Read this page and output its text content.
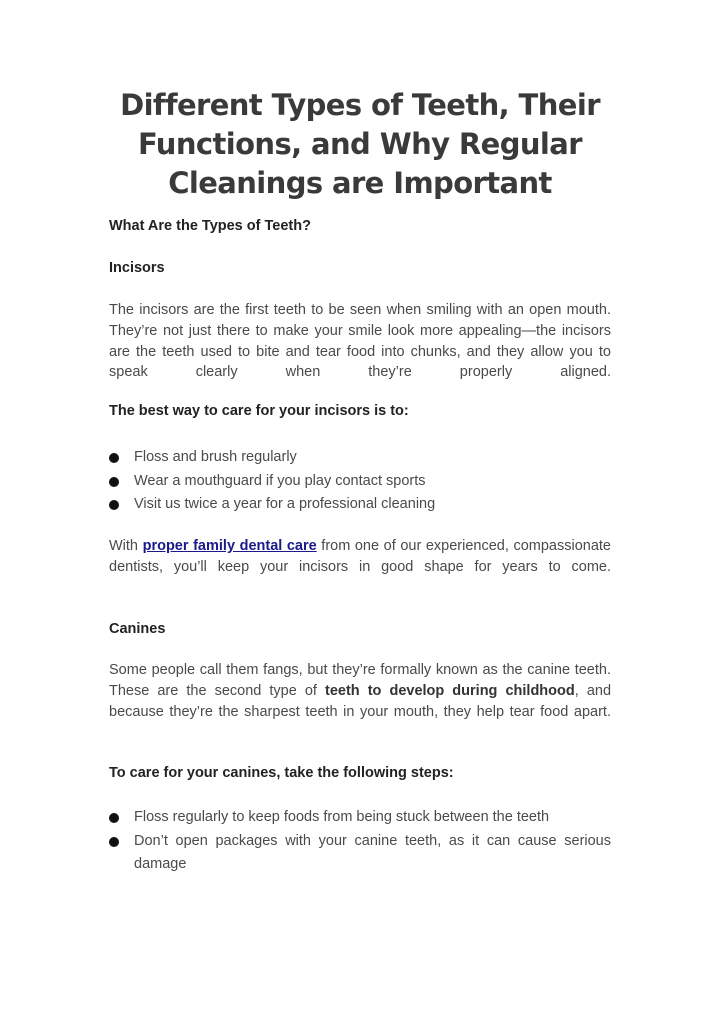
Different Types of Teeth, Their Functions, and Why Regular Cleanings are Important
What Are the Types of Teeth?
Incisors
The incisors are the first teeth to be seen when smiling with an open mouth. They’re not just there to make your smile look more appealing—the incisors are the teeth used to bite and tear food into chunks, and they allow you to speak clearly when they’re properly aligned.
The best way to care for your incisors is to:
Floss and brush regularly
Wear a mouthguard if you play contact sports
Visit us twice a year for a professional cleaning
With proper family dental care from one of our experienced, compassionate dentists, you’ll keep your incisors in good shape for years to come.
Canines
Some people call them fangs, but they’re formally known as the canine teeth. These are the second type of teeth to develop during childhood, and because they’re the sharpest teeth in your mouth, they help tear food apart.
To care for your canines, take the following steps:
Floss regularly to keep foods from being stuck between the teeth
Don’t open packages with your canine teeth, as it can cause serious damage
